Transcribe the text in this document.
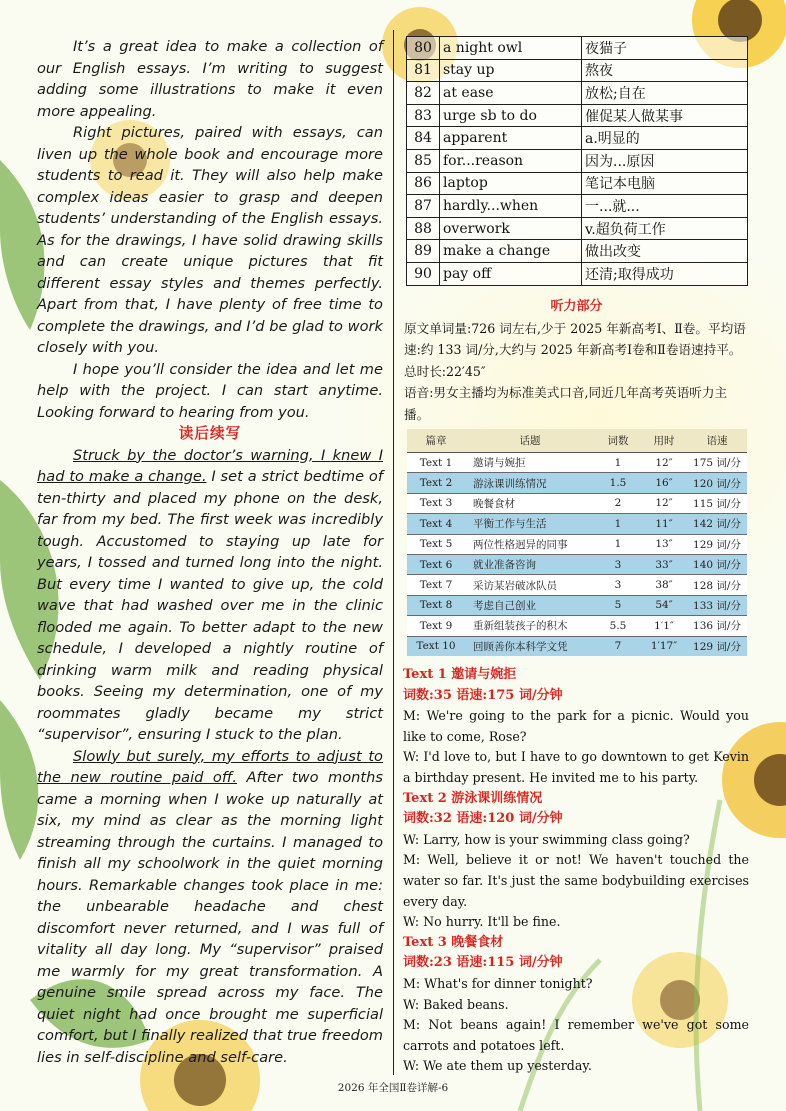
It’s a great idea to make a collection of our English essays. I’m writing to suggest adding some illustrations to make it even more appealing.

Right pictures, paired with essays, can liven up the whole book and encourage more students to read it. They will also help make complex ideas easier to grasp and deepen students’ understanding of the English essays. As for the drawings, I have solid drawing skills and can create unique pictures that fit different essay styles and themes perfectly. Apart from that, I have plenty of free time to complete the drawings, and I’d be glad to work closely with you.

I hope you’ll consider the idea and let me help with the project. I can start anytime. Looking forward to hearing from you.

读后续写

Struck by the doctor’s warning, I knew I had to make a change. I set a strict bedtime of ten-thirty and placed my phone on the desk, far from my bed. The first week was incredibly tough. Accustomed to staying up late for years, I tossed and turned long into the night. But every time I wanted to give up, the cold wave that had washed over me in the clinic flooded me again. To better adapt to the new schedule, I developed a nightly routine of drinking warm milk and reading physical books. Seeing my determination, one of my roommates gladly became my strict “supervisor”, ensuring I stuck to the plan.

Slowly but surely, my efforts to adjust to the new routine paid off. After two months came a morning when I woke up naturally at six, my mind as clear as the morning light streaming through the curtains. I managed to finish all my schoolwork in the quiet morning hours. Remarkable changes took place in me: the unbearable headache and chest discomfort never returned, and I was full of vitality all day long. My “supervisor” praised me warmly for my great transformation. A genuine smile spread across my face. The quiet night had once brought me superficial comfort, but I finally realized that true freedom lies in self-discipline and self-care.

80	a night owl	夜猫子
81	stay up	熬夜
82	at ease	放松;自在
83	urge sb to do	催促某人做某事
84	apparent	a.明显的
85	for...reason	因为...原因
86	laptop	笔记本电脑
87	hardly...when	一...就...
88	overwork	v.超负荷工作
89	make a change	做出改变
90	pay off	还清;取得成功

听力部分

原文单词量:726 词左右,少于 2025 年新高考Ⅰ、Ⅱ卷。平均语速:约 133 词/分,大约与 2025 年新高考Ⅰ卷和Ⅱ卷语速持平。总时长:22′45″

语音:男女主播均为标准美式口音,同近几年高考英语听力主播。

篇章	话题	词数	用时	语速
Text 1	邀请与婉拒	1	12″	175 词/分
Text 2	游泳课训练情况	1.5	16″	120 词/分
Text 3	晚餐食材	2	12″	115 词/分
Text 4	平衡工作与生活	1	11″	142 词/分
Text 5	两位性格迥异的同事	1	13″	129 词/分
Text 6	就业准备咨询	3	33″	140 词/分
Text 7	采访某岩破冰队员	3	38″	128 词/分
Text 8	考虑自己创业	5	54″	133 词/分
Text 9	重新组装孩子的积木	5.5	1′1″	136 词/分
Text 10	回顾善你本科学文凭	7	1′17″	129 词/分

Text 1 邀请与婉拒

词数:35 语速:175 词/分钟

M: We're going to the park for a picnic. Would you like to come, Rose?

W: I'd love to, but I have to go downtown to get Kevin a birthday present. He invited me to his party.

Text 2 游泳课训练情况

词数:32 语速:120 词/分钟

W: Larry, how is your swimming class going?

M: Well, believe it or not! We haven't touched the water so far. It's just the same bodybuilding exercises every day.

W: No hurry. It'll be fine.

Text 3 晚餐食材

词数:23 语速:115 词/分钟

M: What's for dinner tonight?

W: Baked beans.

M: Not beans again! I remember we've got some carrots and potatoes left.

W: We ate them up yesterday.

2026 年全国Ⅱ卷详解-6
